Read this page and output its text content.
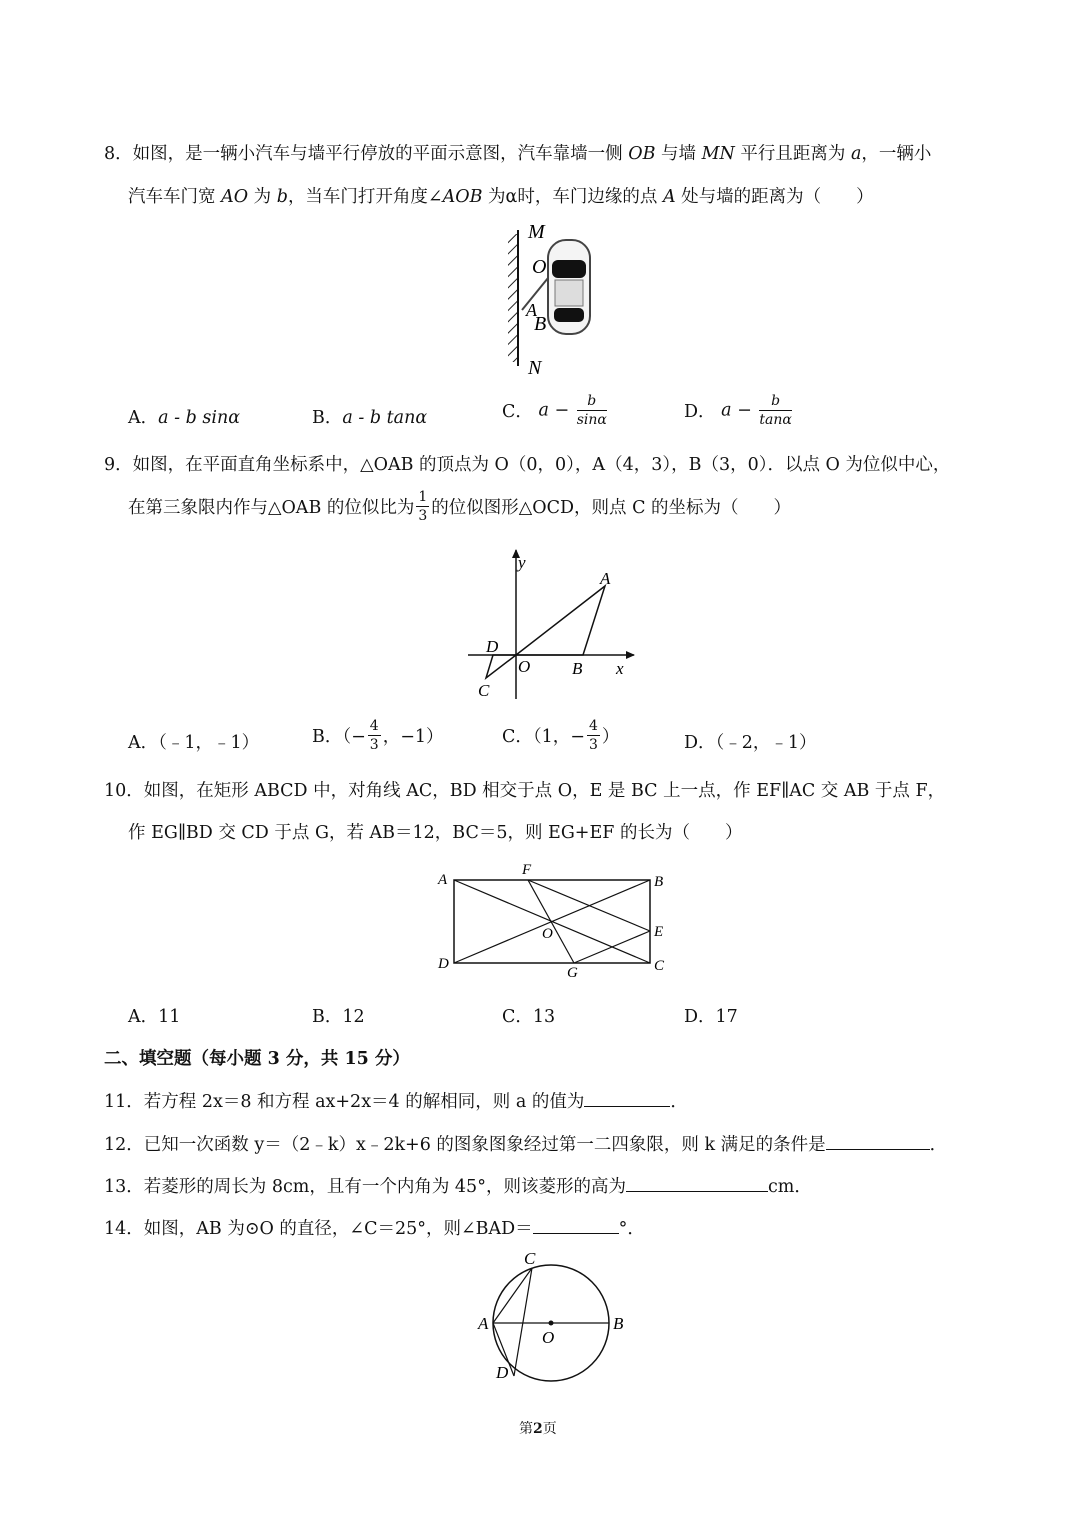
8．如图，是一辆小汽车与墙平行停放的平面示意图，汽车靠墙一侧 OB 与墙 MN 平行且距离为 a，一辆小
汽车车门宽 AO 为 b，当车门打开角度∠AOB 为α时，车门边缘的点 A 处与墙的距离为（　　）
M
O
A
B
N
A．a - b sinα	B．a - b tanα	C． $a - \frac{b}{\sin\alpha}$	D． $a - \frac{b}{\tan\alpha}$
9．如图，在平面直角坐标系中，△OAB 的顶点为 O（0，0），A（4，3），B（3，0）．以点 O 为位似中心，
在第三象限内作与△OAB 的位似比为 $\frac{1}{3}$ 的位似图形△OCD，则点 C 的坐标为（　　）
y
x
A
B
O
D
C
A．（﹣1，﹣1）	B．（− $\frac{4}{3}$ ，−1）	C．（1，− $\frac{4}{3}$ ）	D．（﹣2，﹣1）
10．如图，在矩形 ABCD 中，对角线 AC，BD 相交于点 O，E 是 BC 上一点，作 EF∥AC 交 AB 于点 F，
作 EG∥BD 交 CD 于点 G，若 AB＝12，BC＝5，则 EG+EF 的长为（　　）
A	B
C
D
E
F
G
O
A．11	B．12	C．13	D．17
二、填空题（每小题 3 分，共 15 分）
11．若方程 2x＝8 和方程 ax+2x＝4 的解相同，则 a 的值为	．
12．已知一次函数 y＝（2﹣k）x﹣2k+6 的图象图象经过第一二四象限，则 k 满足的条件是	．
13．若菱形的周长为 8cm，且有一个内角为 45°，则该菱形的高为	cm．
14．如图，AB 为⊙O 的直径，∠C＝25°，则∠BAD＝	°．
C
A	B
O
D
第2页
